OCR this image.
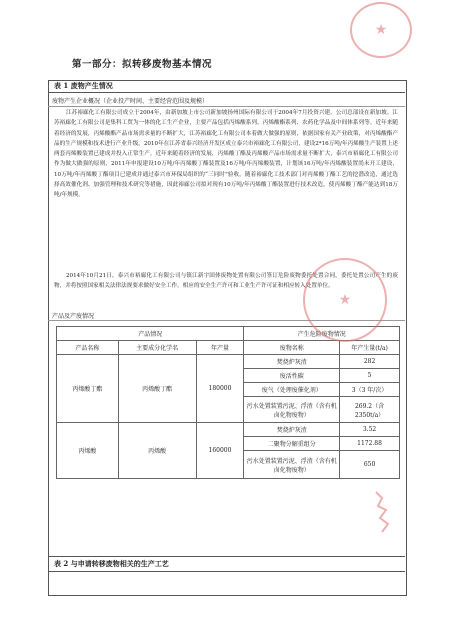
★
第一部分：拟转移废物基本情况
表 1 废物产生情况
废物产生企业概况（企业投产时间、主要经营范围及规模）
江苏裕廊化工有限公司成立于2004年，由新加坡上市公司新加坡扬州国际有限公司于2004年7月投资兴建，公司总部设在新加坡。江苏裕廊化工有限公司是集科工贸为一体的化工生产企业，主要产品包括丙烯酸系列、丙烯酸酯系列、农药化学品及中间体系列等。近年来随着经济的发展，丙烯酸酯产品市场需求量的不断扩大，江苏裕廊化工有限公司本着做大做强的原则，依据国家有关产业政策，对丙烯酸酯产品的生产规模和技术进行产业升级。2010年在江苏省泰兴经济开发区成立泰兴市裕廊化工有限公司，建设2*16万吨/年丙烯酸生产装置上述两套丙烯酸装置已建成并投入正常生产。近年来随着经济的发展，丙烯酸丁酯及丙烯酸产品市场需求量不断扩大，泰兴市裕廊化工有限公司作为做大做强的原则，2011年申报建设10万吨/年丙烯酸丁酯装置及16万吨/年丙烯酸装置，计划该16万吨/年丙烯酸装置尚未开工建设，10万吨/年丙烯酸丁酯项目已建成并通过泰兴市环保局组织的“三同时”验收。随着裕廊化工技术部门对丙烯酸丁酯工艺的挖潜改造，通过选择高效催化剂、加强管理和技术研究等措施，因此裕廊公司拟对现有10万吨/年丙烯酸丁酯装置进行技术改造，使丙烯酸丁酯产能达到18万吨/年规模。
2014年10月21日，泰兴市裕廊化工有限公司与镇江新宇固体废物处置有限公司签订危险废物委托处置合同，委托处置公司产生的废物，并将按照国家相关法律法规要求做好安全工作，相应的安全生产许可和工业生产许可证和相应转入处置单位。
产品及产废情况
产品情况			产生危险废物情况	
产品名称	主要成分化学名	年产量	废物名称	年产生量(t/a)
丙烯酸丁酯	丙烯酸丁酯	180000	焚烧炉灰渣	282
			废活性碳	5
			废气（处理废催化剂）	3（3 年/次）
			污水处置装置污泥、浮渣（含有机卤化物废物）	269.2（含 2350t/a）
丙烯酸	丙烯酸	160000	焚烧炉灰渣	3.52
			二聚物分解重组分	1172.88
			污水处置装置污泥、浮渣（含有机卤化物废物）	650
★
表 2 与申请转移废物相关的生产工艺
